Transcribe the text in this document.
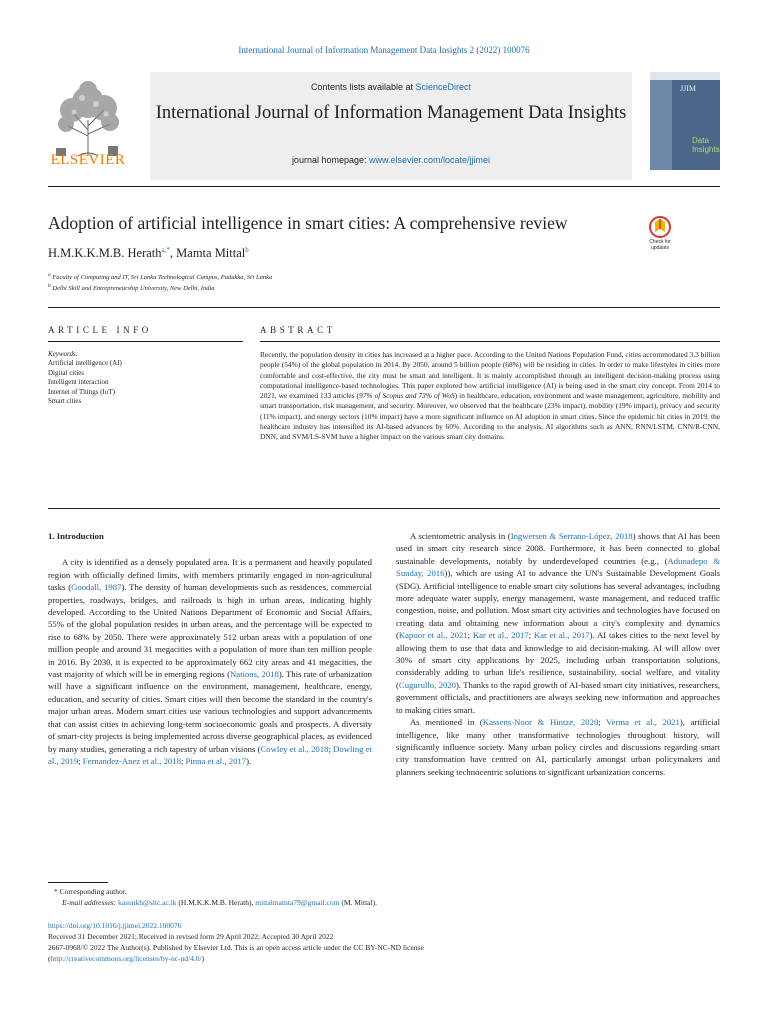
International Journal of Information Management Data Insights 2 (2022) 100076
ELSEVIER
Contents lists available at ScienceDirect
International Journal of Information Management Data Insights
journal homepage: www.elsevier.com/locate/jjimei
JJIM
Data Insights
Adoption of artificial intelligence in smart cities: A comprehensive review
Check for updates
H.M.K.K.M.B. Herath$^{a,*}$, Mamta Mittal$^b$
$^a$ Faculty of Computing and IT, Sri Lanka Technological Campus, Padukka, Sri Lanka
$^b$ Delhi Skill and Entrepreneurship University, New Delhi, India
ARTICLE INFO	ABSTRACT
Keywords:
Artificial intelligence (AI)
Digital cities
Intelligent interaction
Internet of Things (IoT)
Smart cities
Recently, the population density in cities has increased at a higher pace. According to the United Nations Population Fund, cities accommodated 3.3 billion people (54%) of the global population in 2014. By 2050, around 5 billion people (68%) will be residing in cities. In order to make lifestyles in cities more comfortable and cost-effective, the city must be smart and intelligent. It is mainly accomplished through an intelligent decision-making process using computational intelligence-based technologies. This paper explored how artificial intelligence (AI) is being used in the smart city concept. From 2014 to 2021, we examined 133 articles (97% of Scopus and 73% of WoS) in healthcare, education, environment and waste management, agriculture, mobility and smart transportation, risk management, and security. Moreover, we observed that the healthcare (23% impact), mobility (19% impact), privacy and security (11% impact), and energy sectors (10% impact) have a more significant influence on AI adoption in smart cities. Since the epidemic hit cities in 2019, the healthcare industry has intensified its AI-based advances by 60%. According to the analysis, AI algorithms such as ANN, RNN/LSTM, CNN/R-CNN, DNN, and SVM/LS-SVM have a higher impact on the various smart city domains.
1. Introduction

A city is identified as a densely populated area. It is a permanent and heavily populated region with officially defined limits, with members primarily engaged in non-agricultural tasks (Goodall, 1987). The density of human developments such as residences, commercial properties, roadways, bridges, and railroads is high in urban areas, indicating highly developed. According to the United Nations Department of Economic and Social Affairs, 55% of the global population resides in urban areas, and the percentage will be expected to rise to 68% by 2050. There were approximately 512 urban areas with a population of one million people and around 31 megacities with a population of more than ten million people in 2016. By 2030, it is expected to be approximately 662 city areas and 41 megacities, the vast majority of which will be in emerging regions (Nations, 2018). This rate of urbanization will have a significant influence on the environment, management, healthcare, energy, education, and security of cities. Smart cities will then become the standard in the country's major urban areas. Modern smart cities use various technologies and support advancements that can assist cities in achieving long-term socioeconomic goals and prospects. A diversity of smart-city projects is being implemented across diverse geographical places, as evidenced by many studies, generating a rich tapestry of urban visions (Cowley et al., 2018; Dowling et al., 2019; Fernandez-Anez et al., 2018; Pinna et al., 2017).

A scientometric analysis in (Ingwersen & Serrano-López, 2018) shows that AI has been used in smart city research since 2008. Furthermore, it has been connected to global sustainable developments, notably by underdeveloped countries (e.g., (Adunadepo & Sunday, 2016)), which are using AI to advance the UN's Sustainable Development Goals (SDG). Artificial intelligence to enable smart city solutions has several advantages, including more adequate water supply, energy management, waste management, and reduced traffic congestion, noise, and pollution. Most smart city activities and technologies have focused on creating data and obtaining new information about a city's complexity and dynamics (Kapoor et al., 2021; Kar et al., 2017; Kar et al., 2017). AI takes cities to the next level by allowing them to use that data and knowledge to aid decision-making. AI will allow over 30% of smart city applications by 2025, including urban transportation solutions, considerably adding to urban life's resilience, sustainability, social welfare, and vitality (Cugurullo, 2020). Thanks to the rapid growth of AI-based smart city initiatives, researchers, government officials, and practitioners are always seeking new information and approaches to making cities smart.

As mentioned in (Kassens-Noor & Hintze, 2020; Verma et al., 2021), artificial intelligence, like many other transformative technologies throughout history, will significantly influence society. Many urban policy circles and discussions regarding smart city transformation have centred on AI, particularly amongst urban policymakers and planners seeking technocentric solutions to significant urbanization concerns.

* Corresponding author.
E-mail addresses: kasunkh@sltc.ac.lk (H.M.K.K.M.B. Herath), mittalmamta79@gmail.com (M. Mittal).
https://doi.org/10.1016/j.jjimei.2022.100076
Received 31 December 2021; Received in revised form 29 April 2022; Accepted 30 April 2022
2667-0968/© 2022 The Author(s). Published by Elsevier Ltd. This is an open access article under the CC BY-NC-ND license
(http://creativecommons.org/licenses/by-nc-nd/4.0/)
